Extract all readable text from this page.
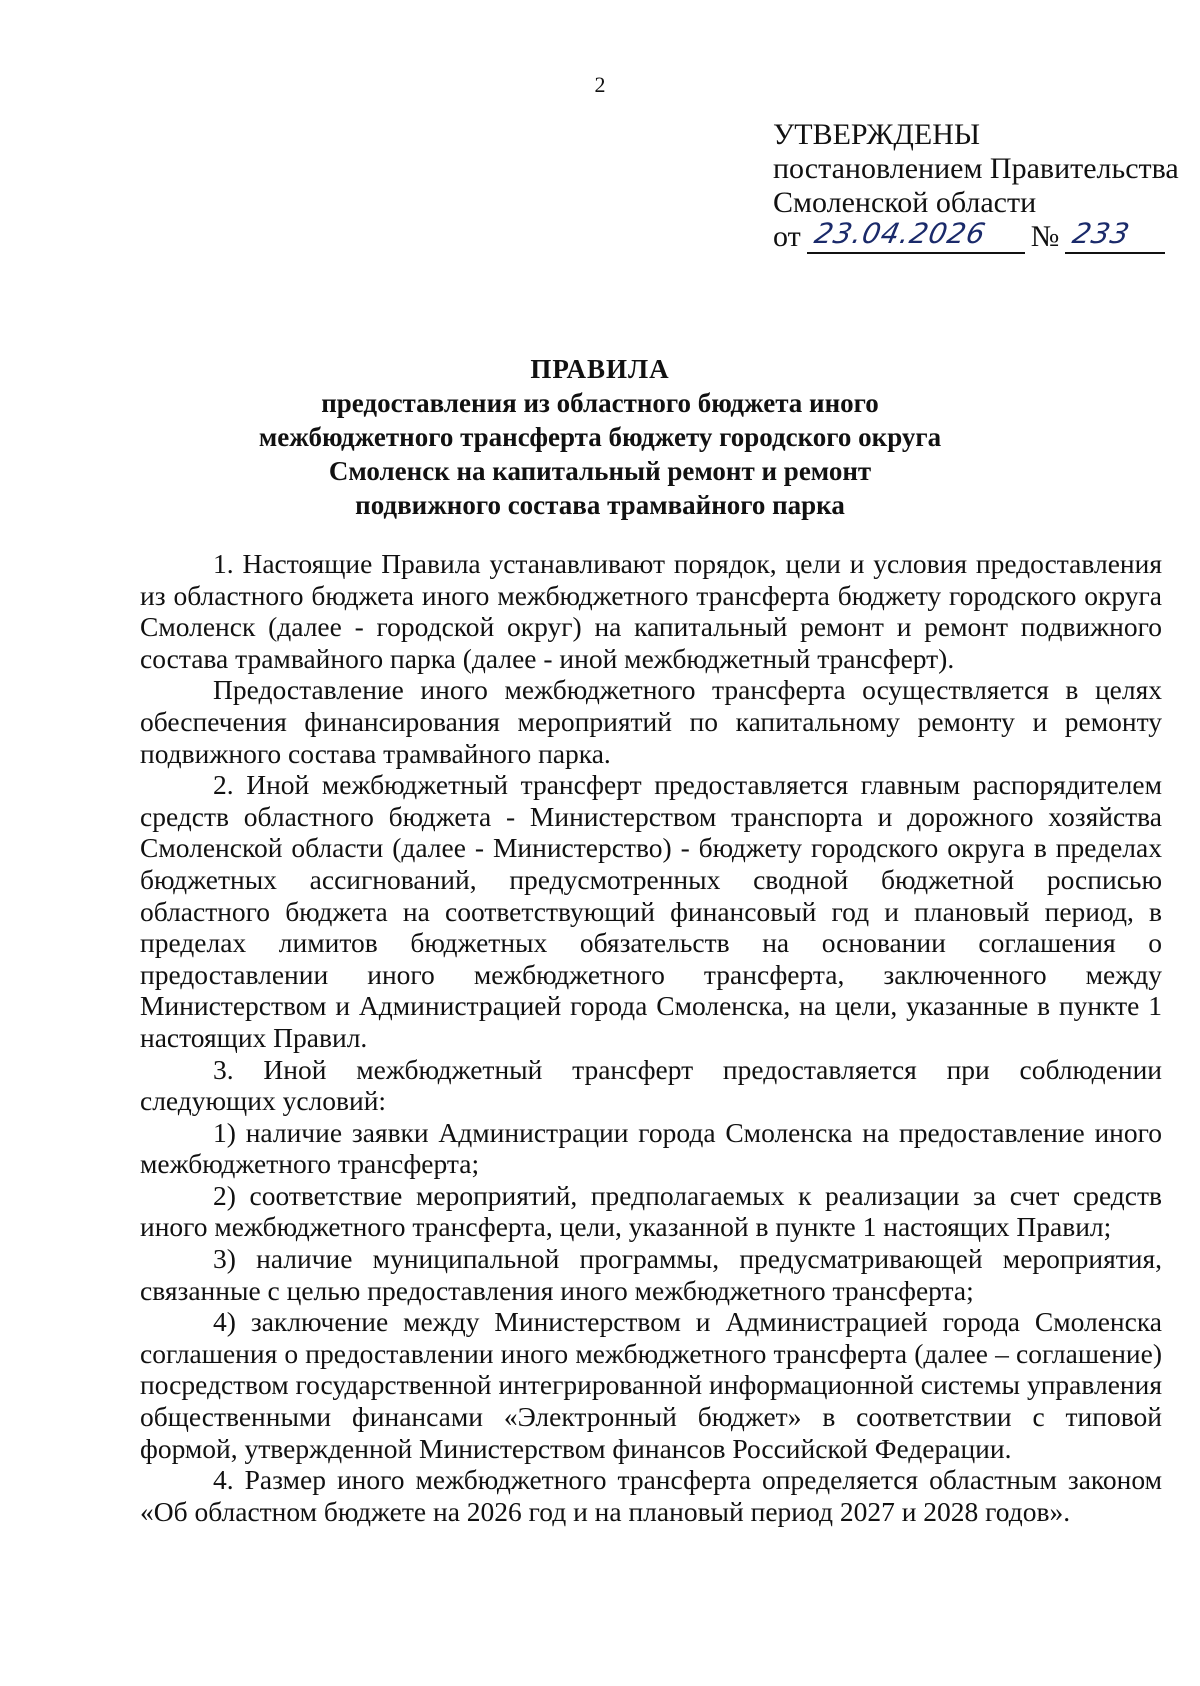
2
УТВЕРЖДЕНЫ
постановлением Правительства
Смоленской области
от 23.04.2026 № 233
ПРАВИЛА
предоставления из областного бюджета иного
межбюджетного трансферта бюджету городского округа
Смоленск на капитальный ремонт и ремонт
подвижного состава трамвайного парка

1. Настоящие Правила устанавливают порядок, цели и условия предоставления из областного бюджета иного межбюджетного трансферта бюджету городского округа Смоленск (далее - городской округ) на капитальный ремонт и ремонт подвижного состава трамвайного парка (далее - иной межбюджетный трансферт).

Предоставление иного межбюджетного трансферта осуществляется в целях обеспечения финансирования мероприятий по капитальному ремонту и ремонту подвижного состава трамвайного парка.

2. Иной межбюджетный трансферт предоставляется главным распорядителем средств областного бюджета - Министерством транспорта и дорожного хозяйства Смоленской области (далее - Министерство) - бюджету городского округа в пределах бюджетных ассигнований, предусмотренных сводной бюджетной росписью областного бюджета на соответствующий финансовый год и плановый период, в пределах лимитов бюджетных обязательств на основании соглашения о предоставлении иного межбюджетного трансферта, заключенного между Министерством и Администрацией города Смоленска, на цели, указанные в пункте 1 настоящих Правил.

3. Иной межбюджетный трансферт предоставляется при соблюдении следующих условий:

1) наличие заявки Администрации города Смоленска на предоставление иного межбюджетного трансферта;

2) соответствие мероприятий, предполагаемых к реализации за счет средств иного межбюджетного трансферта, цели, указанной в пункте 1 настоящих Правил;

3) наличие муниципальной программы, предусматривающей мероприятия, связанные с целью предоставления иного межбюджетного трансферта;

4) заключение между Министерством и Администрацией города Смоленска соглашения о предоставлении иного межбюджетного трансферта (далее – соглашение) посредством государственной интегрированной информационной системы управления общественными финансами «Электронный бюджет» в соответствии с типовой формой, утвержденной Министерством финансов Российской Федерации.

4. Размер иного межбюджетного трансферта определяется областным законом «Об областном бюджете на 2026 год и на плановый период 2027 и 2028 годов».
